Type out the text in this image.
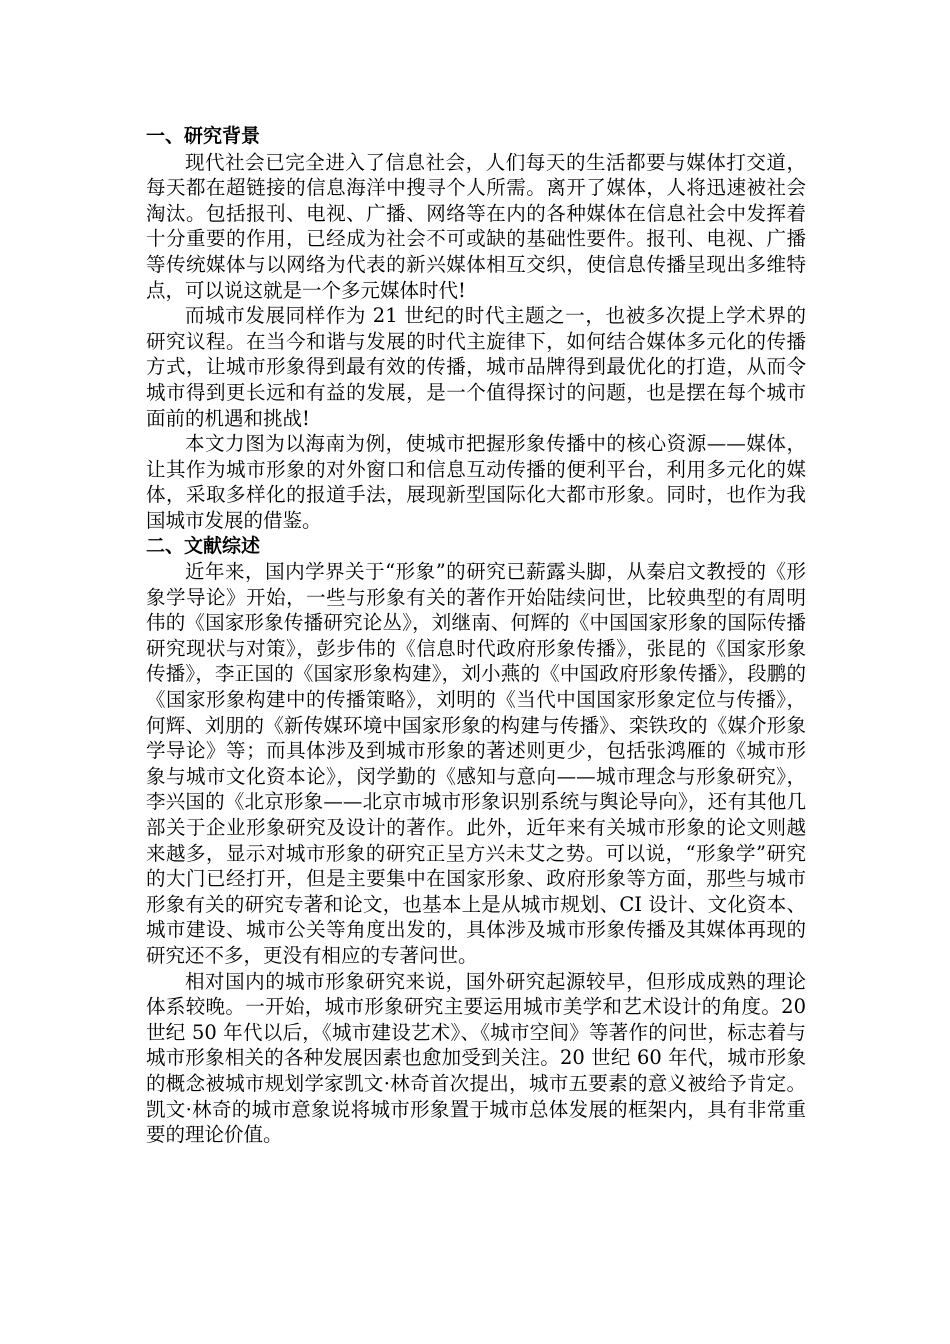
一、研究背景

现代社会已完全进入了信息社会，人们每天的生活都要与媒体打交道，每天都在超链接的信息海洋中搜寻个人所需。离开了媒体，人将迅速被社会淘汰。包括报刊、电视、广播、网络等在内的各种媒体在信息社会中发挥着十分重要的作用，已经成为社会不可或缺的基础性要件。报刊、电视、广播等传统媒体与以网络为代表的新兴媒体相互交织，使信息传播呈现出多维特点，可以说这就是一个多元媒体时代!

而城市发展同样作为 21 世纪的时代主题之一，也被多次提上学术界的研究议程。在当今和谐与发展的时代主旋律下，如何结合媒体多元化的传播方式，让城市形象得到最有效的传播，城市品牌得到最优化的打造，从而令城市得到更长远和有益的发展，是一个值得探讨的问题，也是摆在每个城市面前的机遇和挑战!

本文力图为以海南为例，使城市把握形象传播中的核心资源——媒体，让其作为城市形象的对外窗口和信息互动传播的便利平台，利用多元化的媒体，采取多样化的报道手法，展现新型国际化大都市形象。同时，也作为我国城市发展的借鉴。

二、文献综述

近年来，国内学界关于“形象”的研究已薪露头脚，从秦启文教授的《形象学导论》开始，一些与形象有关的著作开始陆续问世，比较典型的有周明伟的《国家形象传播研究论丛》，刘继南、何辉的《中国国家形象的国际传播研究现状与对策》，彭步伟的《信息时代政府形象传播》，张昆的《国家形象传播》，李正国的《国家形象构建》，刘小燕的《中国政府形象传播》，段鹏的《国家形象构建中的传播策略》，刘明的《当代中国国家形象定位与传播》，何辉、刘朋的《新传媒环境中国家形象的构建与传播》、栾铁玫的《媒介形象学导论》等；而具体涉及到城市形象的著述则更少，包括张鸿雁的《城市形象与城市文化资本论》，闵学勤的《感知与意向——城市理念与形象研究》，李兴国的《北京形象——北京市城市形象识别系统与舆论导向》，还有其他几部关于企业形象研究及设计的著作。此外，近年来有关城市形象的论文则越来越多，显示对城市形象的研究正呈方兴未艾之势。可以说，“形象学”研究的大门已经打开，但是主要集中在国家形象、政府形象等方面，那些与城市形象有关的研究专著和论文，也基本上是从城市规划、CI 设计、文化资本、城市建设、城市公关等角度出发的，具体涉及城市形象传播及其媒体再现的研究还不多，更没有相应的专著问世。

相对国内的城市形象研究来说，国外研究起源较早，但形成成熟的理论体系较晚。一开始，城市形象研究主要运用城市美学和艺术设计的角度。20 世纪 50 年代以后，《城市建设艺术》、《城市空间》等著作的问世，标志着与城市形象相关的各种发展因素也愈加受到关注。20 世纪 60 年代，城市形象的概念被城市规划学家凯文·林奇首次提出，城市五要素的意义被给予肯定。凯文·林奇的城市意象说将城市形象置于城市总体发展的框架内，具有非常重要的理论价值。
